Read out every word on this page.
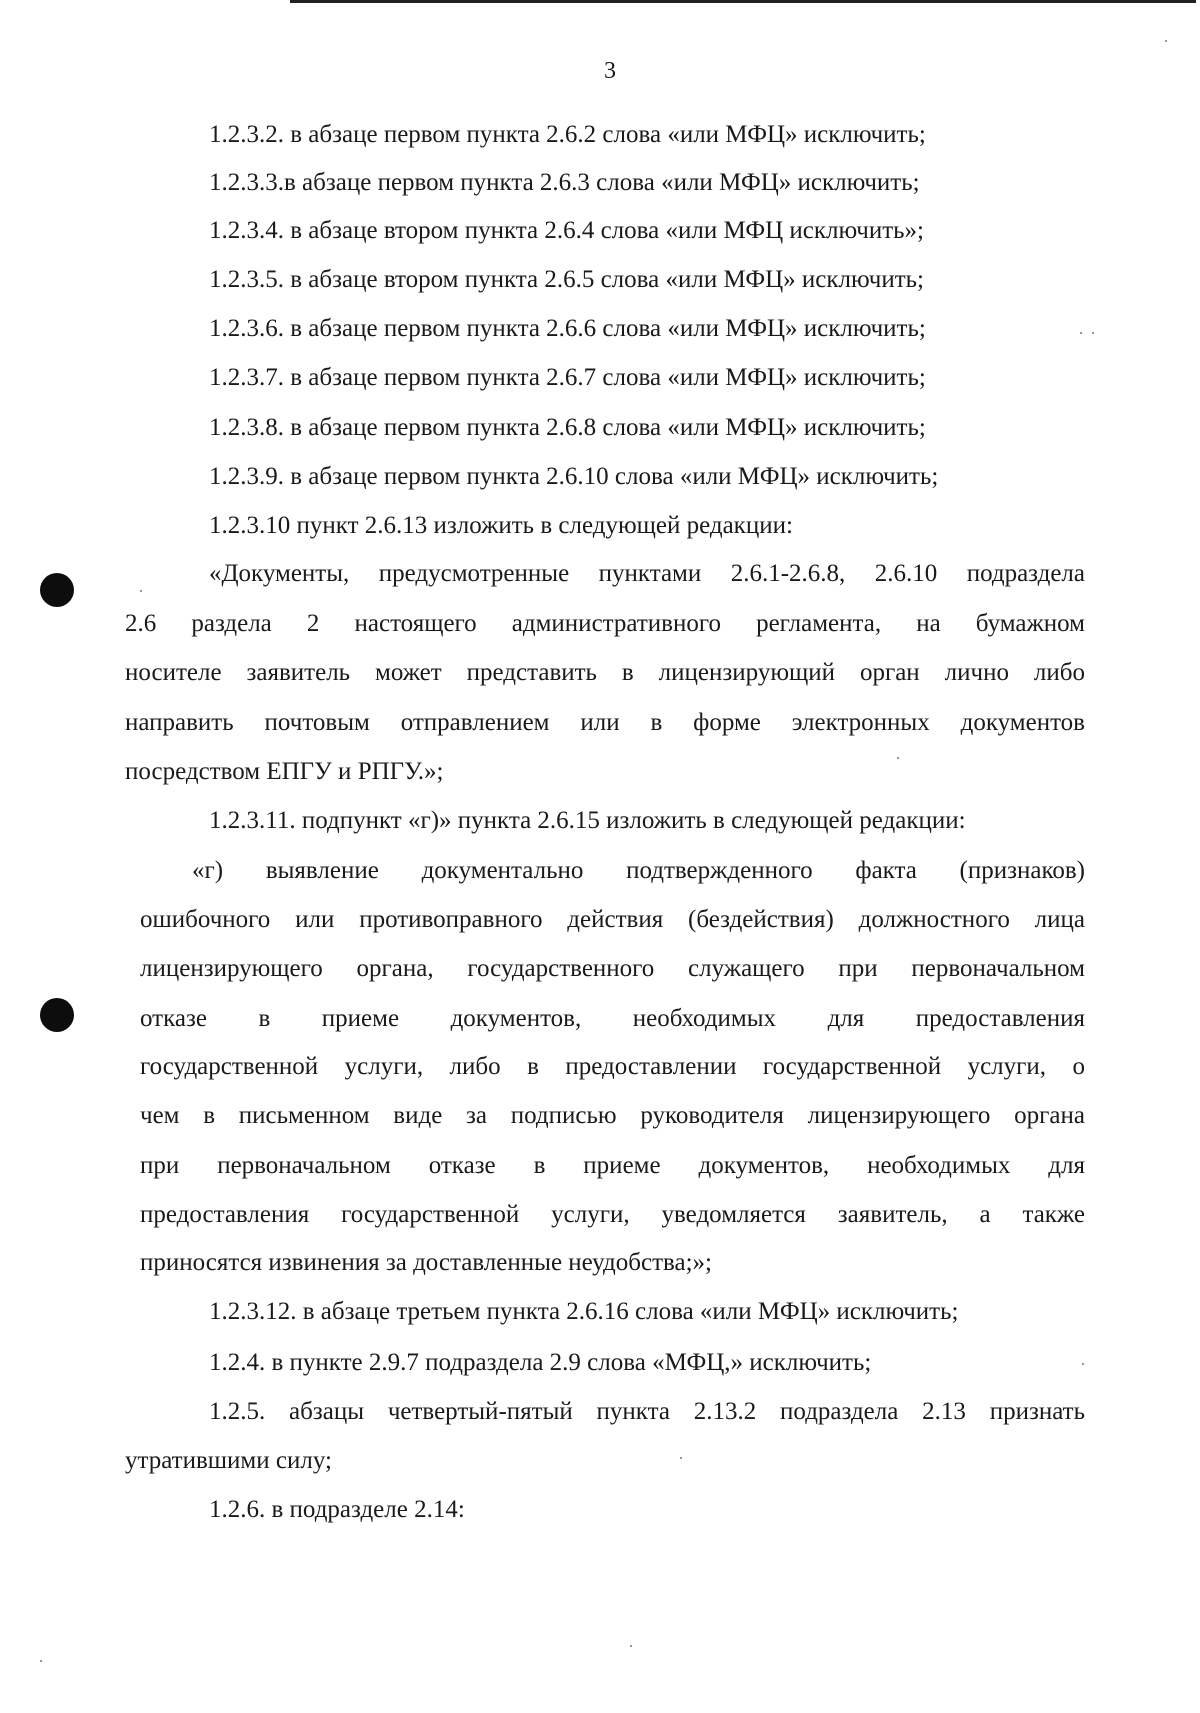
3
1.2.3.2. в абзаце первом пункта 2.6.2 слова «или МФЦ» исключить;
1.2.3.3.в абзаце первом пункта 2.6.3 слова «или МФЦ» исключить;
1.2.3.4. в абзаце втором пункта 2.6.4 слова «или МФЦ исключить»;
1.2.3.5. в абзаце втором пункта 2.6.5 слова «или МФЦ» исключить;
1.2.3.6. в абзаце первом пункта 2.6.6 слова «или МФЦ» исключить;
1.2.3.7. в абзаце первом пункта 2.6.7 слова «или МФЦ» исключить;
1.2.3.8. в абзаце первом пункта 2.6.8 слова «или МФЦ» исключить;
1.2.3.9. в абзаце первом пункта 2.6.10 слова «или МФЦ» исключить;
1.2.3.10 пункт 2.6.13 изложить в следующей редакции:
«Документы, предусмотренные пунктами 2.6.1-2.6.8, 2.6.10 подраздела
2.6 раздела 2 настоящего административного регламента, на бумажном
носителе заявитель может представить в лицензирующий орган лично либо
направить почтовым отправлением или в форме электронных документов
посредством ЕПГУ и РПГУ.»;
1.2.3.11. подпункт «г)» пункта 2.6.15 изложить в следующей редакции:
«г) выявление документально подтвержденного факта (признаков)
ошибочного или противоправного действия (бездействия) должностного лица
лицензирующего органа, государственного служащего при первоначальном
отказе в приеме документов, необходимых для предоставления
государственной услуги, либо в предоставлении государственной услуги, о
чем в письменном виде за подписью руководителя лицензирующего органа
при первоначальном отказе в приеме документов, необходимых для
предоставления государственной услуги, уведомляется заявитель, а также
приносятся извинения за доставленные неудобства;»;
1.2.3.12. в абзаце третьем пункта 2.6.16 слова «или МФЦ» исключить;
1.2.4. в пункте 2.9.7 подраздела 2.9 слова «МФЦ,» исключить;
1.2.5. абзацы четвертый-пятый пункта 2.13.2 подраздела 2.13 признать
утратившими силу;
1.2.6. в подразделе 2.14:
